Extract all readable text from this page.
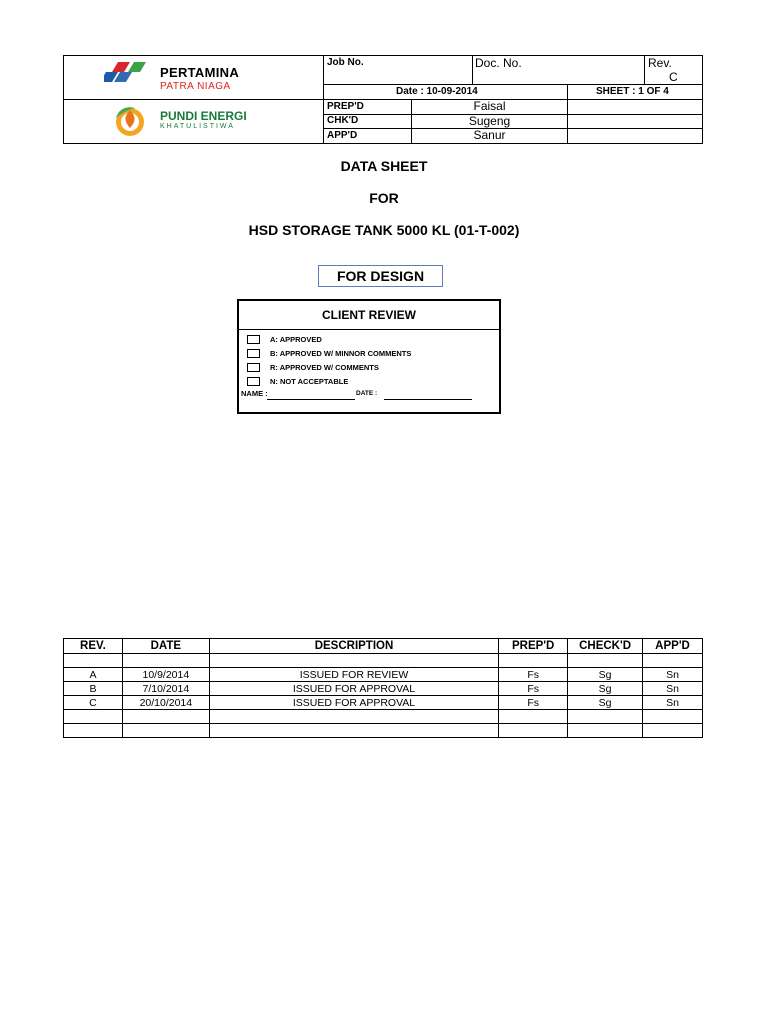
PERTAMINA
PATRA NIAGA
PUNDI ENERGI
KHATULISTIWA
Job No.	Doc. No.	Rev.
C
Date : 10-09-2014	SHEET : 1 OF 4
PREP'D	Faisal
CHK'D	Sugeng
APP'D	Sanur
DATA SHEET
FOR
HSD STORAGE TANK 5000 KL (01-T-002)
FOR DESIGN
CLIENT REVIEW
A: APPROVED
B: APPROVED W/ MINNOR COMMENTS
R: APPROVED W/ COMMENTS
N: NOT ACCEPTABLE
NAME :	DATE :
REV.	DATE	DESCRIPTION	PREP'D	CHECK'D	APP'D

A	10/9/2014	ISSUED FOR REVIEW	Fs	Sg	Sn
B	7/10/2014	ISSUED FOR APPROVAL	Fs	Sg	Sn
C	20/10/2014	ISSUED FOR APPROVAL	Fs	Sg	Sn
